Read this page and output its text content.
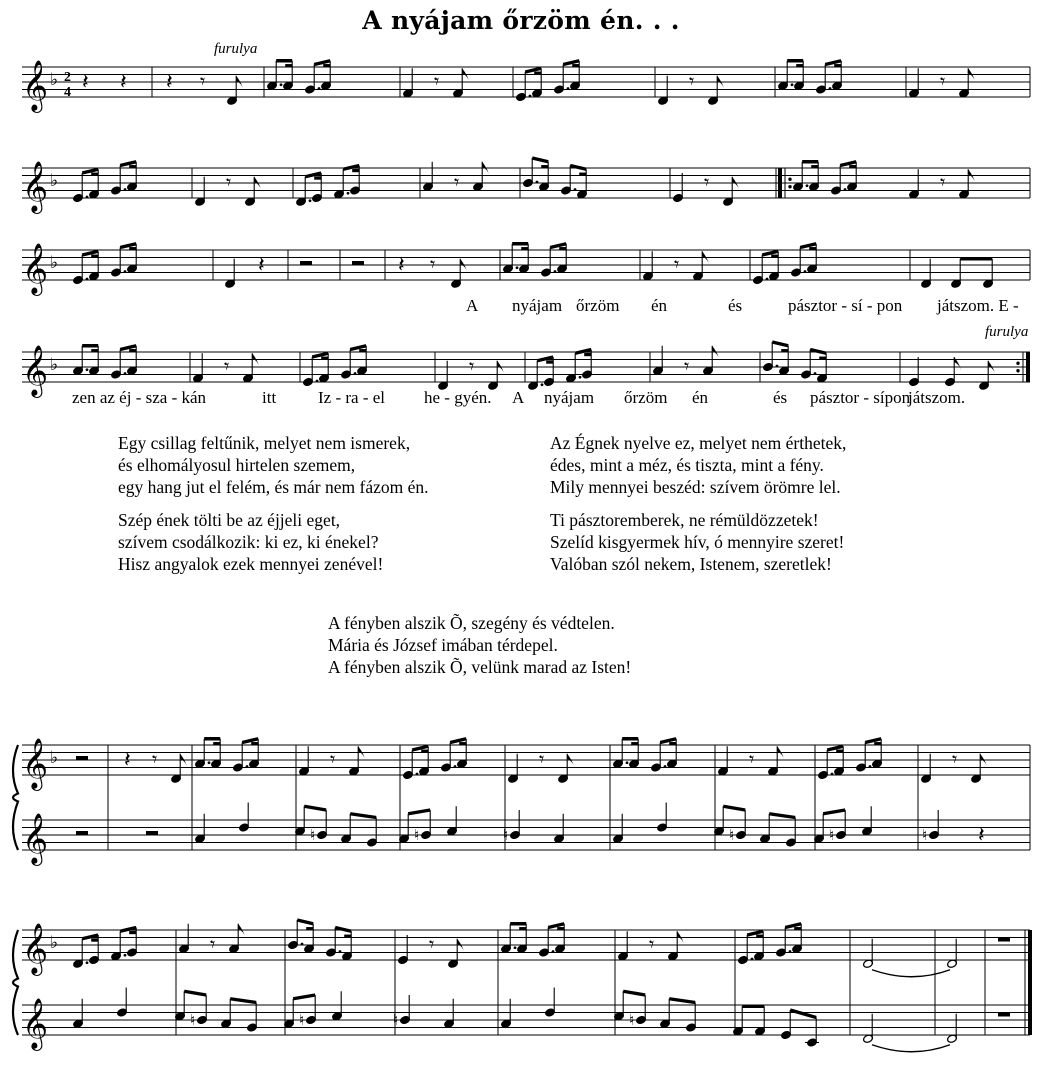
A nyájam őrzöm én. . .
𝄞 ♭ 2
4 𝄽 𝄽 𝄽 𝄾
furulya
𝄾	𝄾	𝄾
𝄞 ♭	𝄾	𝄾	𝄾	𝄾
𝄞 ♭	𝄽	𝄽 𝄾	𝄾
A nyájam őrzöm én	és	pásztor - sí - pon játszom. E -
𝄞 ♭
furulya
𝄾	𝄾	𝄾
zen az éj - sza - kán	itt Iz - ra - el he - gyén. A nyájam őrzöm én	és pásztor - sípon
játszom.
𝄞 ♭
𝄞
𝄽 𝄾	𝄾
♮	♮
𝄾
♮
𝄾
♮	♮
𝄾
♮ 𝄽
𝄞 ♭
𝄞
𝄾
♮	♮
𝄾
♮
𝄾
♮
Egy csillag feltűnik, melyet nem ismerek,
és elhomályosul hirtelen szemem,
egy hang jut el felém, és már nem fázom én.
Szép ének tölti be az éjjeli eget,
szívem csodálkozik: ki ez, ki énekel?
Hisz angyalok ezek mennyei zenével!
Az Égnek nyelve ez, melyet nem érthetek,
édes, mint a méz, és tiszta, mint a fény.
Mily mennyei beszéd: szívem örömre lel.
Ti pásztoremberek, ne rémüldözzetek!
Szelíd kisgyermek hív, ó mennyire szeret!
Valóban szól nekem, Istenem, szeretlek!
A fényben alszik Õ, szegény és védtelen.
Mária és József imában térdepel.
A fényben alszik Õ, velünk marad az Isten!
